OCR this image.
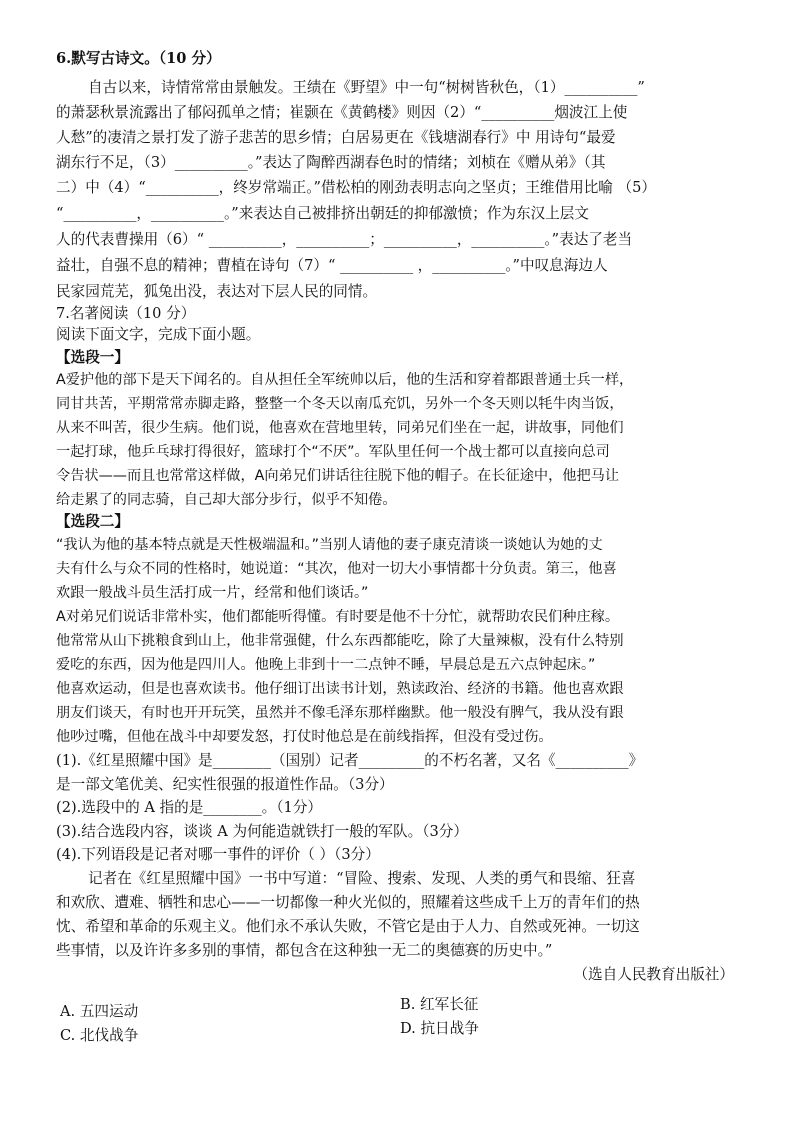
6.默写古诗文。（10 分）
自古以来，诗情常常由景触发。王绩在《野望》中一句“树树皆秋色，（1）__________”
的萧瑟秋景流露出了郁闷孤单之情；崔颢在《黄鹤楼》则因（2）“__________烟波江上使
人愁”的凄清之景打发了游子悲苦的思乡情；白居易更在《钱塘湖春行》中 用诗句“最爱
湖东行不足，（3）__________。”表达了陶醉西湖春色时的情绪；刘桢在《赠从弟》（其
二）中（4）“__________，终岁常端正。”借松柏的刚劲表明志向之坚贞；王维借用比喻 （5）
“__________，__________。”来表达自己被排挤出朝廷的抑郁激愤；作为东汉上层文
人的代表曹操用（6）“ __________，__________；__________，__________。”表达了老当
益壮，自强不息的精神；曹植在诗句（7）“ __________ ，__________。”中叹息海边人
民家园荒芜，狐兔出没，表达对下层人民的同情。
7.名著阅读（10 分）
阅读下面文字，完成下面小题。
【选段一】
A爱护他的部下是天下闻名的。自从担任全军统帅以后，他的生活和穿着都跟普通士兵一样，
同甘共苦，平期常常赤脚走路，整整一个冬天以南瓜充饥，另外一个冬天则以牦牛肉当饭，
从来不叫苦，很少生病。他们说，他喜欢在营地里转，同弟兄们坐在一起，讲故事，同他们
一起打球，他乒乓球打得很好，篮球打个“不厌”。军队里任何一个战士都可以直接向总司
令告状——而且也常常这样做，A向弟兄们讲话往往脱下他的帽子。在长征途中，他把马让
给走累了的同志骑，自己却大部分步行，似乎不知倦。
【选段二】
“我认为他的基本特点就是天性极端温和。”当别人请他的妻子康克清谈一谈她认为她的丈
夫有什么与众不同的性格时，她说道：“其次，他对一切大小事情都十分负责。第三，他喜
欢跟一般战斗员生活打成一片，经常和他们谈话。”
A对弟兄们说话非常朴实，他们都能听得懂。有时要是他不十分忙，就帮助农民们种庄稼。
他常常从山下挑粮食到山上，他非常强健，什么东西都能吃，除了大量辣椒，没有什么特别
爱吃的东西，因为他是四川人。他晚上非到十一二点钟不睡，早晨总是五六点钟起床。”
他喜欢运动，但是也喜欢读书。他仔细订出读书计划，熟读政治、经济的书籍。他也喜欢跟
朋友们谈天，有时也开开玩笑，虽然并不像毛泽东那样幽默。他一般没有脾气，我从没有跟
他吵过嘴，但他在战斗中却要发怒，打仗时他总是在前线指挥，但没有受过伤。
(1).《红星照耀中国》是________（国别）记者_________的不朽名著，又名《__________》
是一部文笔优美、纪实性很强的报道性作品。（3分）
(2).选段中的 A 指的是________。（1分）
(3).结合选段内容，谈谈 A 为何能造就铁打一般的军队。（3分）
(4).下列语段是记者对哪一事件的评价（ ）（3分）
记者在《红星照耀中国》一书中写道：“冒险、搜索、发现、人类的勇气和畏缩、狂喜
和欢欣、遭难、牺牲和忠心——一切都像一种火光似的，照耀着这些成千上万的青年们的热
忱、希望和革命的乐观主义。他们永不承认失败，不管它是由于人力、自然或死神。一切这
些事情，以及许许多多别的事情，都包含在这种独一无二的奥德赛的历史中。”
（选自人民教育出版社）
A. 五四运动	B. 红军长征
C. 北伐战争	D. 抗日战争
